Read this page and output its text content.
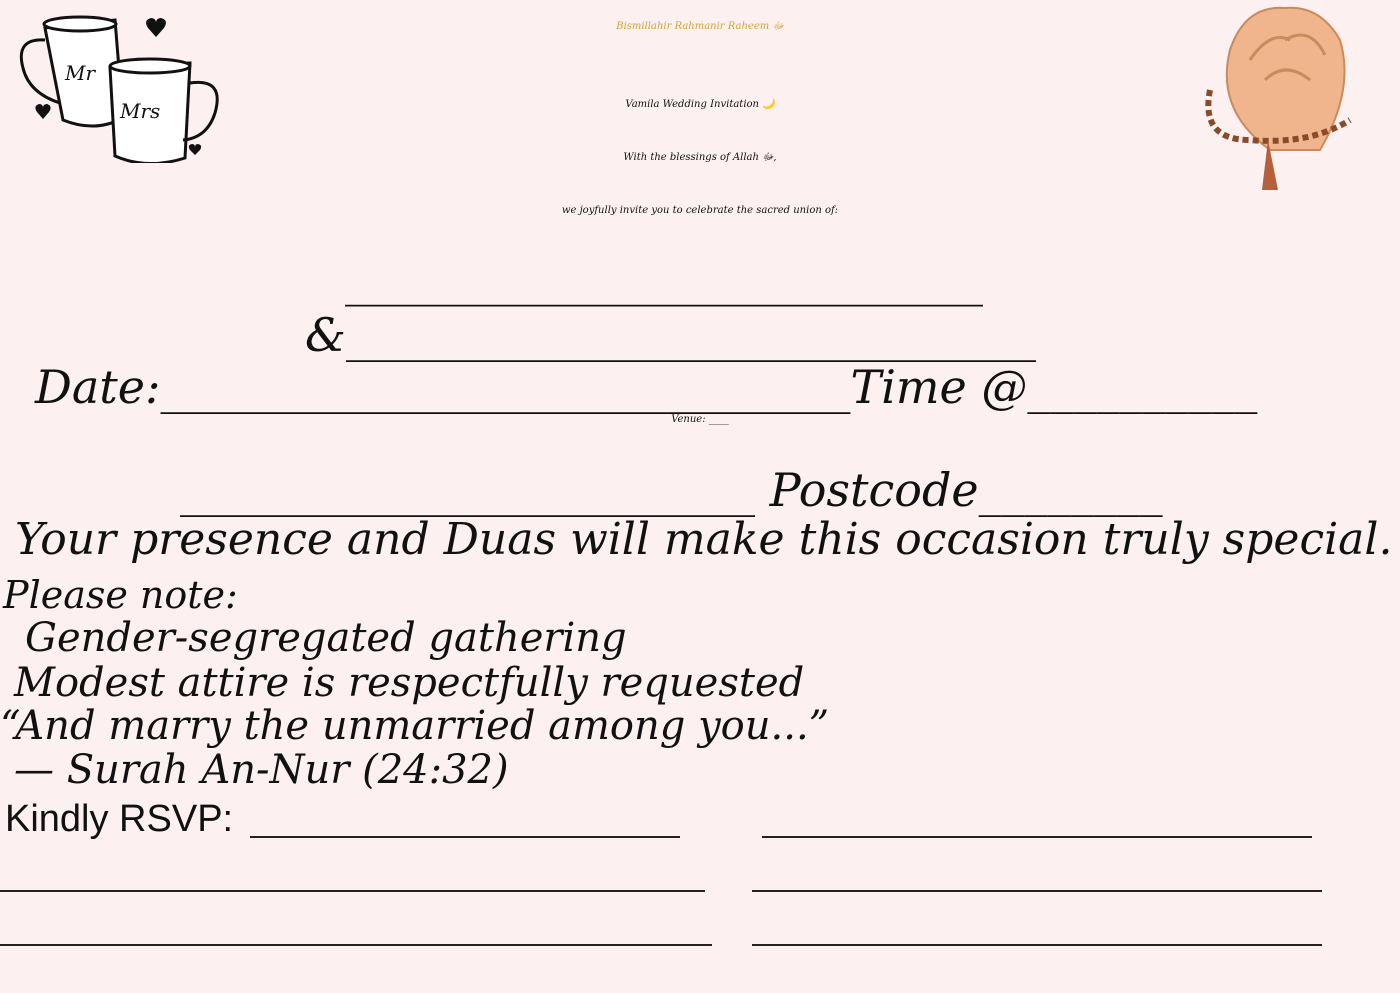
Mr
Mrs
Bismillahir Rahmanir Raheem ﷻ
Vamila Wedding Invitation 🌙
With the blessings of Allah ﷻ,
we joyfully invite you to celebrate the sacred union of:
_____________________________
&______________________________
Date:______________________________Time @__________
Venue: ____
_________________________ Postcode________
Your presence and Duas will make this occasion truly special.
Please note:
Gender-segregated gathering
Modest attire is respectfully requested
“And marry the unmarried among you...”
— Surah An-Nur (24:32)
Kindly RSVP:
